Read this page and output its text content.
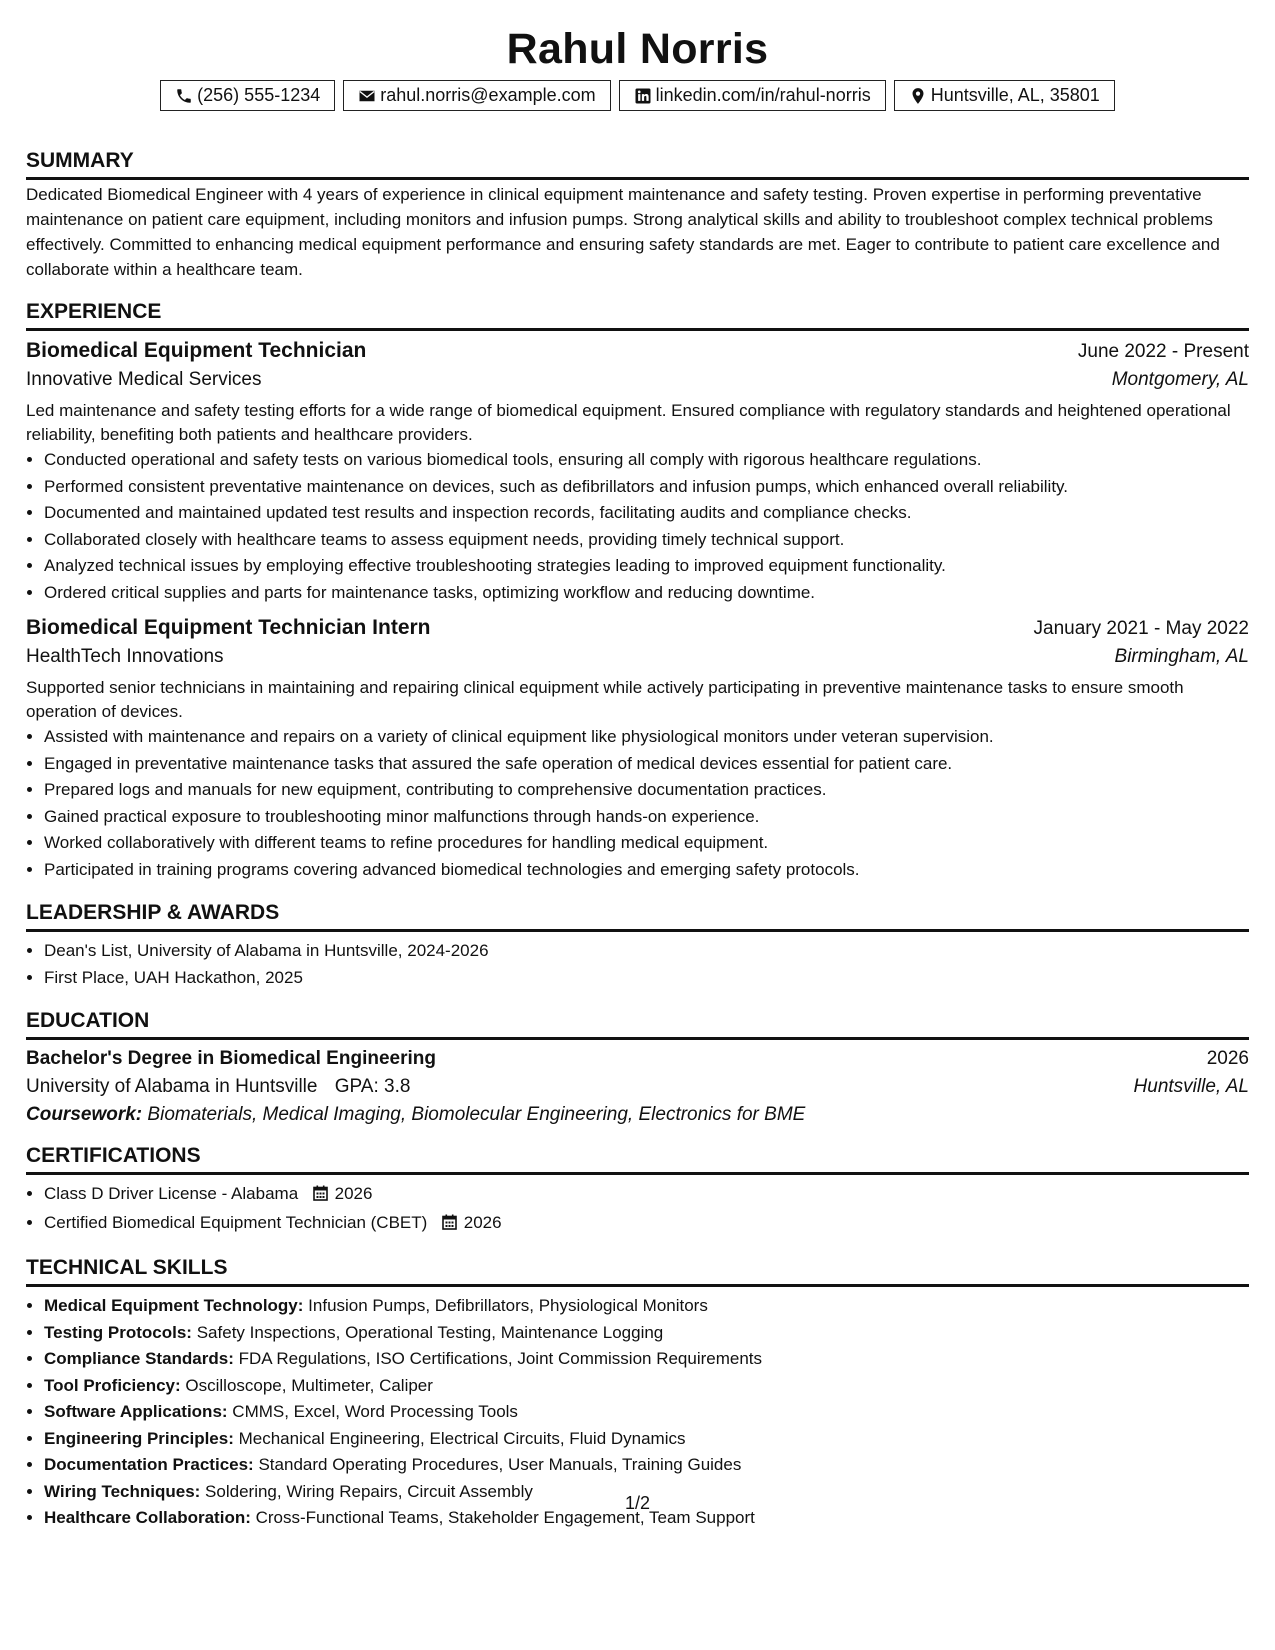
Rahul Norris
(256) 555-1234	rahul.norris@example.com	linkedin.com/in/rahul-norris	Huntsville, AL, 35801
SUMMARY
Dedicated Biomedical Engineer with 4 years of experience in clinical equipment maintenance and safety testing. Proven expertise in performing preventative maintenance on patient care equipment, including monitors and infusion pumps. Strong analytical skills and ability to troubleshoot complex technical problems effectively. Committed to enhancing medical equipment performance and ensuring safety standards are met. Eager to contribute to patient care excellence and collaborate within a healthcare team.
EXPERIENCE
Biomedical Equipment Technician	June 2022 - Present
Innovative Medical Services	Montgomery, AL
Led maintenance and safety testing efforts for a wide range of biomedical equipment. Ensured compliance with regulatory standards and heightened operational reliability, benefiting both patients and healthcare providers.
• Conducted operational and safety tests on various biomedical tools, ensuring all comply with rigorous healthcare regulations.
• Performed consistent preventative maintenance on devices, such as defibrillators and infusion pumps, which enhanced overall reliability.
• Documented and maintained updated test results and inspection records, facilitating audits and compliance checks.
• Collaborated closely with healthcare teams to assess equipment needs, providing timely technical support.
• Analyzed technical issues by employing effective troubleshooting strategies leading to improved equipment functionality.
• Ordered critical supplies and parts for maintenance tasks, optimizing workflow and reducing downtime.
Biomedical Equipment Technician Intern	January 2021 - May 2022
HealthTech Innovations	Birmingham, AL
Supported senior technicians in maintaining and repairing clinical equipment while actively participating in preventive maintenance tasks to ensure smooth operation of devices.
• Assisted with maintenance and repairs on a variety of clinical equipment like physiological monitors under veteran supervision.
• Engaged in preventative maintenance tasks that assured the safe operation of medical devices essential for patient care.
• Prepared logs and manuals for new equipment, contributing to comprehensive documentation practices.
• Gained practical exposure to troubleshooting minor malfunctions through hands-on experience.
• Worked collaboratively with different teams to refine procedures for handling medical equipment.
• Participated in training programs covering advanced biomedical technologies and emerging safety protocols.
LEADERSHIP & AWARDS
• Dean's List, University of Alabama in Huntsville, 2024-2026
• First Place, UAH Hackathon, 2025
EDUCATION
Bachelor's Degree in Biomedical Engineering	2026
University of Alabama in Huntsville GPA: 3.8	Huntsville, AL
Coursework: Biomaterials, Medical Imaging, Biomolecular Engineering, Electronics for BME
CERTIFICATIONS
• Class D Driver License - Alabama 2026
• Certified Biomedical Equipment Technician (CBET) 2026
TECHNICAL SKILLS
• Medical Equipment Technology: Infusion Pumps, Defibrillators, Physiological Monitors
• Testing Protocols: Safety Inspections, Operational Testing, Maintenance Logging
• Compliance Standards: FDA Regulations, ISO Certifications, Joint Commission Requirements
• Tool Proficiency: Oscilloscope, Multimeter, Caliper
• Software Applications: CMMS, Excel, Word Processing Tools
• Engineering Principles: Mechanical Engineering, Electrical Circuits, Fluid Dynamics
• Documentation Practices: Standard Operating Procedures, User Manuals, Training Guides
• Wiring Techniques: Soldering, Wiring Repairs, Circuit Assembly
• Healthcare Collaboration: Cross-Functional Teams, Stakeholder Engagement, Team Support
1/2
